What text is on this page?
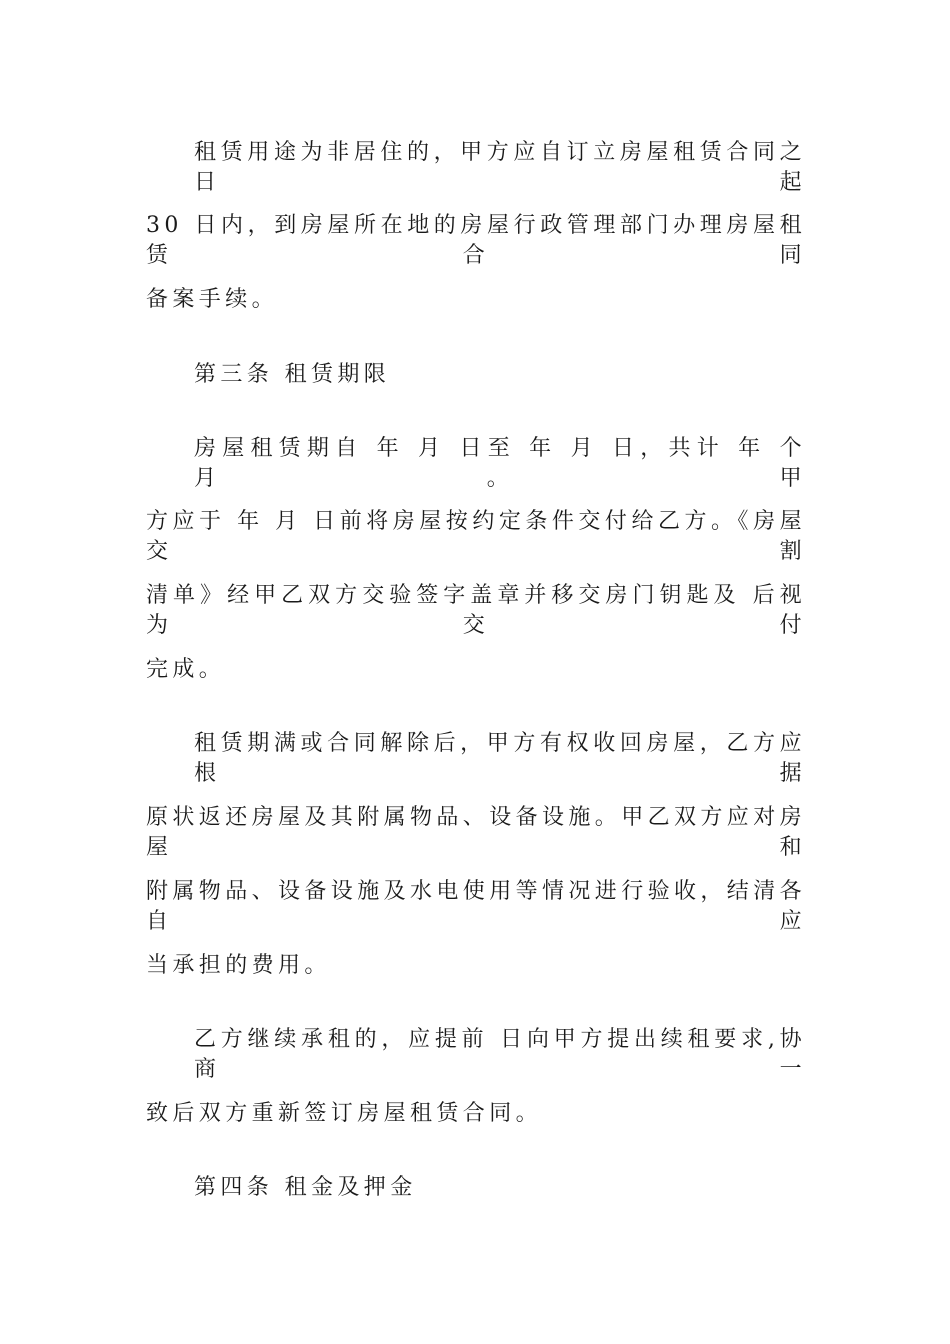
租赁用途为非居住的，甲方应自订立房屋租赁合同之日起
30 日内，到房屋所在地的房屋行政管理部门办理房屋租赁合同
备案手续。
第三条 租赁期限
房屋租赁期自 年 月 日至 年 月 日，共计 年 个月。甲
方应于 年 月 日前将房屋按约定条件交付给乙方。《房屋交割
清单》经甲乙双方交验签字盖章并移交房门钥匙及 后视为交付
完成。
租赁期满或合同解除后，甲方有权收回房屋，乙方应根据
原状返还房屋及其附属物品、设备设施。甲乙双方应对房屋和
附属物品、设备设施及水电使用等情况进行验收，结清各自应
当承担的费用。
乙方继续承租的，应提前 日向甲方提出续租要求,协商一
致后双方重新签订房屋租赁合同。
第四条 租金及押金
